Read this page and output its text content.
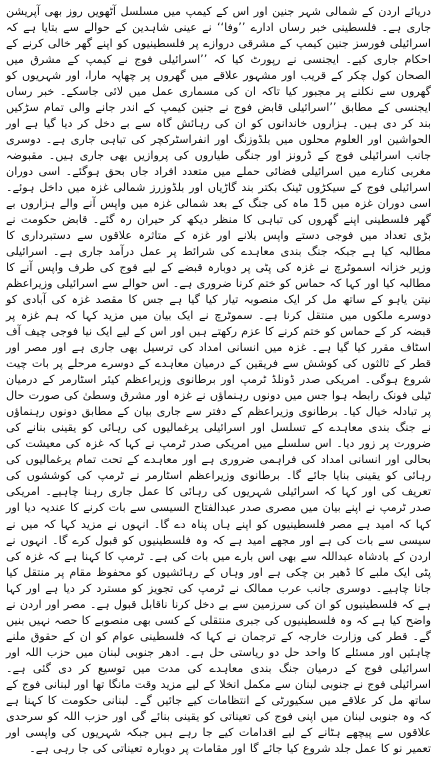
دریائے اردن کے شمالی شہر جنین اور اس کے کیمپ میں مسلسل آٹھویں روز بھی آپریشن جاری ہے۔ فلسطینی خبر رساں ادارے ’’وفا‘‘ نے عینی شاہدین کے حوالے سے بتایا ہے کہ اسرائیلی فورسز جنین کیمپ کے مشرقی دروازے پر فلسطینیوں کو اپنے گھر خالی کرنے کے احکام جاری کیے۔ ایجنسی نے رپورٹ کیا کہ ’’اسرائیلی فوج نے کیمپ کے مشرق میں الصحان کول چکر کے قریب اور مشہور علاقے میں گھروں پر چھاپہ مارا، اور شہریوں کو گھروں سے نکلنے پر مجبور کیا تاکہ ان کی مسماری عمل میں لائی جاسکے۔ خبر رساں ایجنسی کے مطابق ’’اسرائیلی قابض فوج نے جنین کیمپ کے اندر جانے والی تمام سڑکیں بند کر دی ہیں۔ ہزاروں خاندانوں کو ان کی رہائش گاہ سے بے دخل کر دیا گیا ہے اور الحواشین اور العلوم محلوں میں بلڈوزنگ اور انفراسٹرکچر کی تباہی جاری ہے۔ دوسری جانب اسرائیلی فوج کے ڈرونز اور جنگی طیاروں کی پروازیں بھی جاری ہیں۔ مقبوضہ مغربی کنارے میں اسرائیلی فضائی حملے میں متعدد افراد جاں بحق ہوگئے۔ اسی دوران اسرائیلی فوج کے سیکڑوں ٹینک بکتر بند گاڑیاں اور بلڈوزرز شمالی غزہ میں داخل ہوئے۔ اسی دوران غزہ میں 15 ماہ کی جنگ کے بعد شمالی غزہ میں واپس آنے والے ہزاروں بے گھر فلسطینی اپنے گھروں کی تباہی کا منظر دیکھ کر حیران رہ گئے۔ قابض حکومت نے بڑی تعداد میں فوجی دستے واپس بلانے اور غزہ کے متاثرہ علاقوں سے دستبرداری کا مطالبہ کیا ہے جبکہ جنگ بندی معاہدے کی شرائط پر عمل درآمد جاری ہے۔ اسرائیلی وزیر خزانہ اسموٹرچ نے غزہ کی پٹی پر دوبارہ قبضے کے لیے فوج کی طرف واپس آنے کا مطالبہ کیا اور کہا کہ حماس کو ختم کرنا ضروری ہے۔ اس حوالے سے اسرائیلی وزیراعظم نیتن یاہو کے ساتھ مل کر ایک منصوبہ تیار کیا گیا ہے جس کا مقصد غزہ کی آبادی کو دوسرے ملکوں میں منتقل کرنا ہے۔ سموٹرچ نے ایک بیان میں مزید کہا کہ ہم غزہ پر قبضہ کر کے حماس کو ختم کرنے کا عزم رکھتے ہیں اور اس کے لیے ایک نیا فوجی چیف آف اسٹاف مقرر کیا گیا ہے۔ غزہ میں انسانی امداد کی ترسیل بھی جاری ہے اور مصر اور قطر کے ثالثوں کی کوشش سے فریقین کے درمیان معاہدے کے دوسرے مرحلے پر بات چیت شروع ہوگی۔ امریکی صدر ڈونلڈ ٹرمپ اور برطانوی وزیراعظم کیئر اسٹارمر کے درمیان ٹیلی فونک رابطہ ہوا جس میں دونوں رہنماؤں نے غزہ اور مشرق وسطیٰ کی صورت حال پر تبادلہ خیال کیا۔ برطانوی وزیراعظم کے دفتر سے جاری بیان کے مطابق دونوں رہنماؤں نے جنگ بندی معاہدے کے تسلسل اور اسرائیلی یرغمالیوں کی رہائی کو یقینی بنانے کی ضرورت پر زور دیا۔ اس سلسلے میں امریکی صدر ٹرمپ نے کہا کہ غزہ کی معیشت کی بحالی اور انسانی امداد کی فراہمی ضروری ہے اور معاہدے کے تحت تمام یرغمالیوں کی رہائی کو یقینی بنایا جائے گا۔ برطانوی وزیراعظم اسٹارمر نے ٹرمپ کی کوششوں کی تعریف کی اور کہا کہ اسرائیلی شہریوں کی رہائی کا عمل جاری رہنا چاہیے۔ امریکی صدر ٹرمپ نے اپنے بیان میں مصری صدر عبدالفتاح السیسی سے بات کرنے کا عندیہ دیا اور کہا کہ امید ہے مصر فلسطینیوں کو اپنے ہاں پناہ دے گا۔ انہوں نے مزید کہا کہ میں نے سیسی سے بات کی ہے اور مجھے امید ہے کہ وہ فلسطینیوں کو قبول کرے گا۔ انہوں نے اردن کے بادشاہ عبداللہ سے بھی اس بارے میں بات کی ہے۔ ٹرمپ کا کہنا ہے کہ غزہ کی پٹی ایک ملبے کا ڈھیر بن چکی ہے اور وہاں کے رہائشیوں کو محفوظ مقام پر منتقل کیا جانا چاہیے۔ دوسری جانب عرب ممالک نے ٹرمپ کی تجویز کو مسترد کر دیا ہے اور کہا ہے کہ فلسطینیوں کو ان کی سرزمین سے بے دخل کرنا ناقابل قبول ہے۔ مصر اور اردن نے واضح کیا ہے کہ وہ فلسطینیوں کی جبری منتقلی کے کسی بھی منصوبے کا حصہ نہیں بنیں گے۔ قطر کی وزارت خارجہ کے ترجمان نے کہا کہ فلسطینی عوام کو ان کے حقوق ملنے چاہئیں اور مسئلے کا واحد حل دو ریاستی حل ہے۔ ادھر جنوبی لبنان میں حزب اللہ اور اسرائیلی فوج کے درمیان جنگ بندی معاہدے کی مدت میں توسیع کر دی گئی ہے۔ اسرائیلی فوج نے جنوبی لبنان سے مکمل انخلا کے لیے مزید وقت مانگا تھا اور لبنانی فوج کے ساتھ مل کر علاقے میں سکیورٹی کے انتظامات کیے جائیں گے۔ لبنانی حکومت کا کہنا ہے کہ وہ جنوبی لبنان میں اپنی فوج کی تعیناتی کو یقینی بنائے گی اور حزب اللہ کو سرحدی علاقوں سے پیچھے ہٹانے کے لیے اقدامات کیے جا رہے ہیں جبکہ شہریوں کی واپسی اور تعمیر نو کا عمل جلد شروع کیا جائے گا اور مقامات پر دوبارہ تعیناتی کی جا رہی ہے۔
